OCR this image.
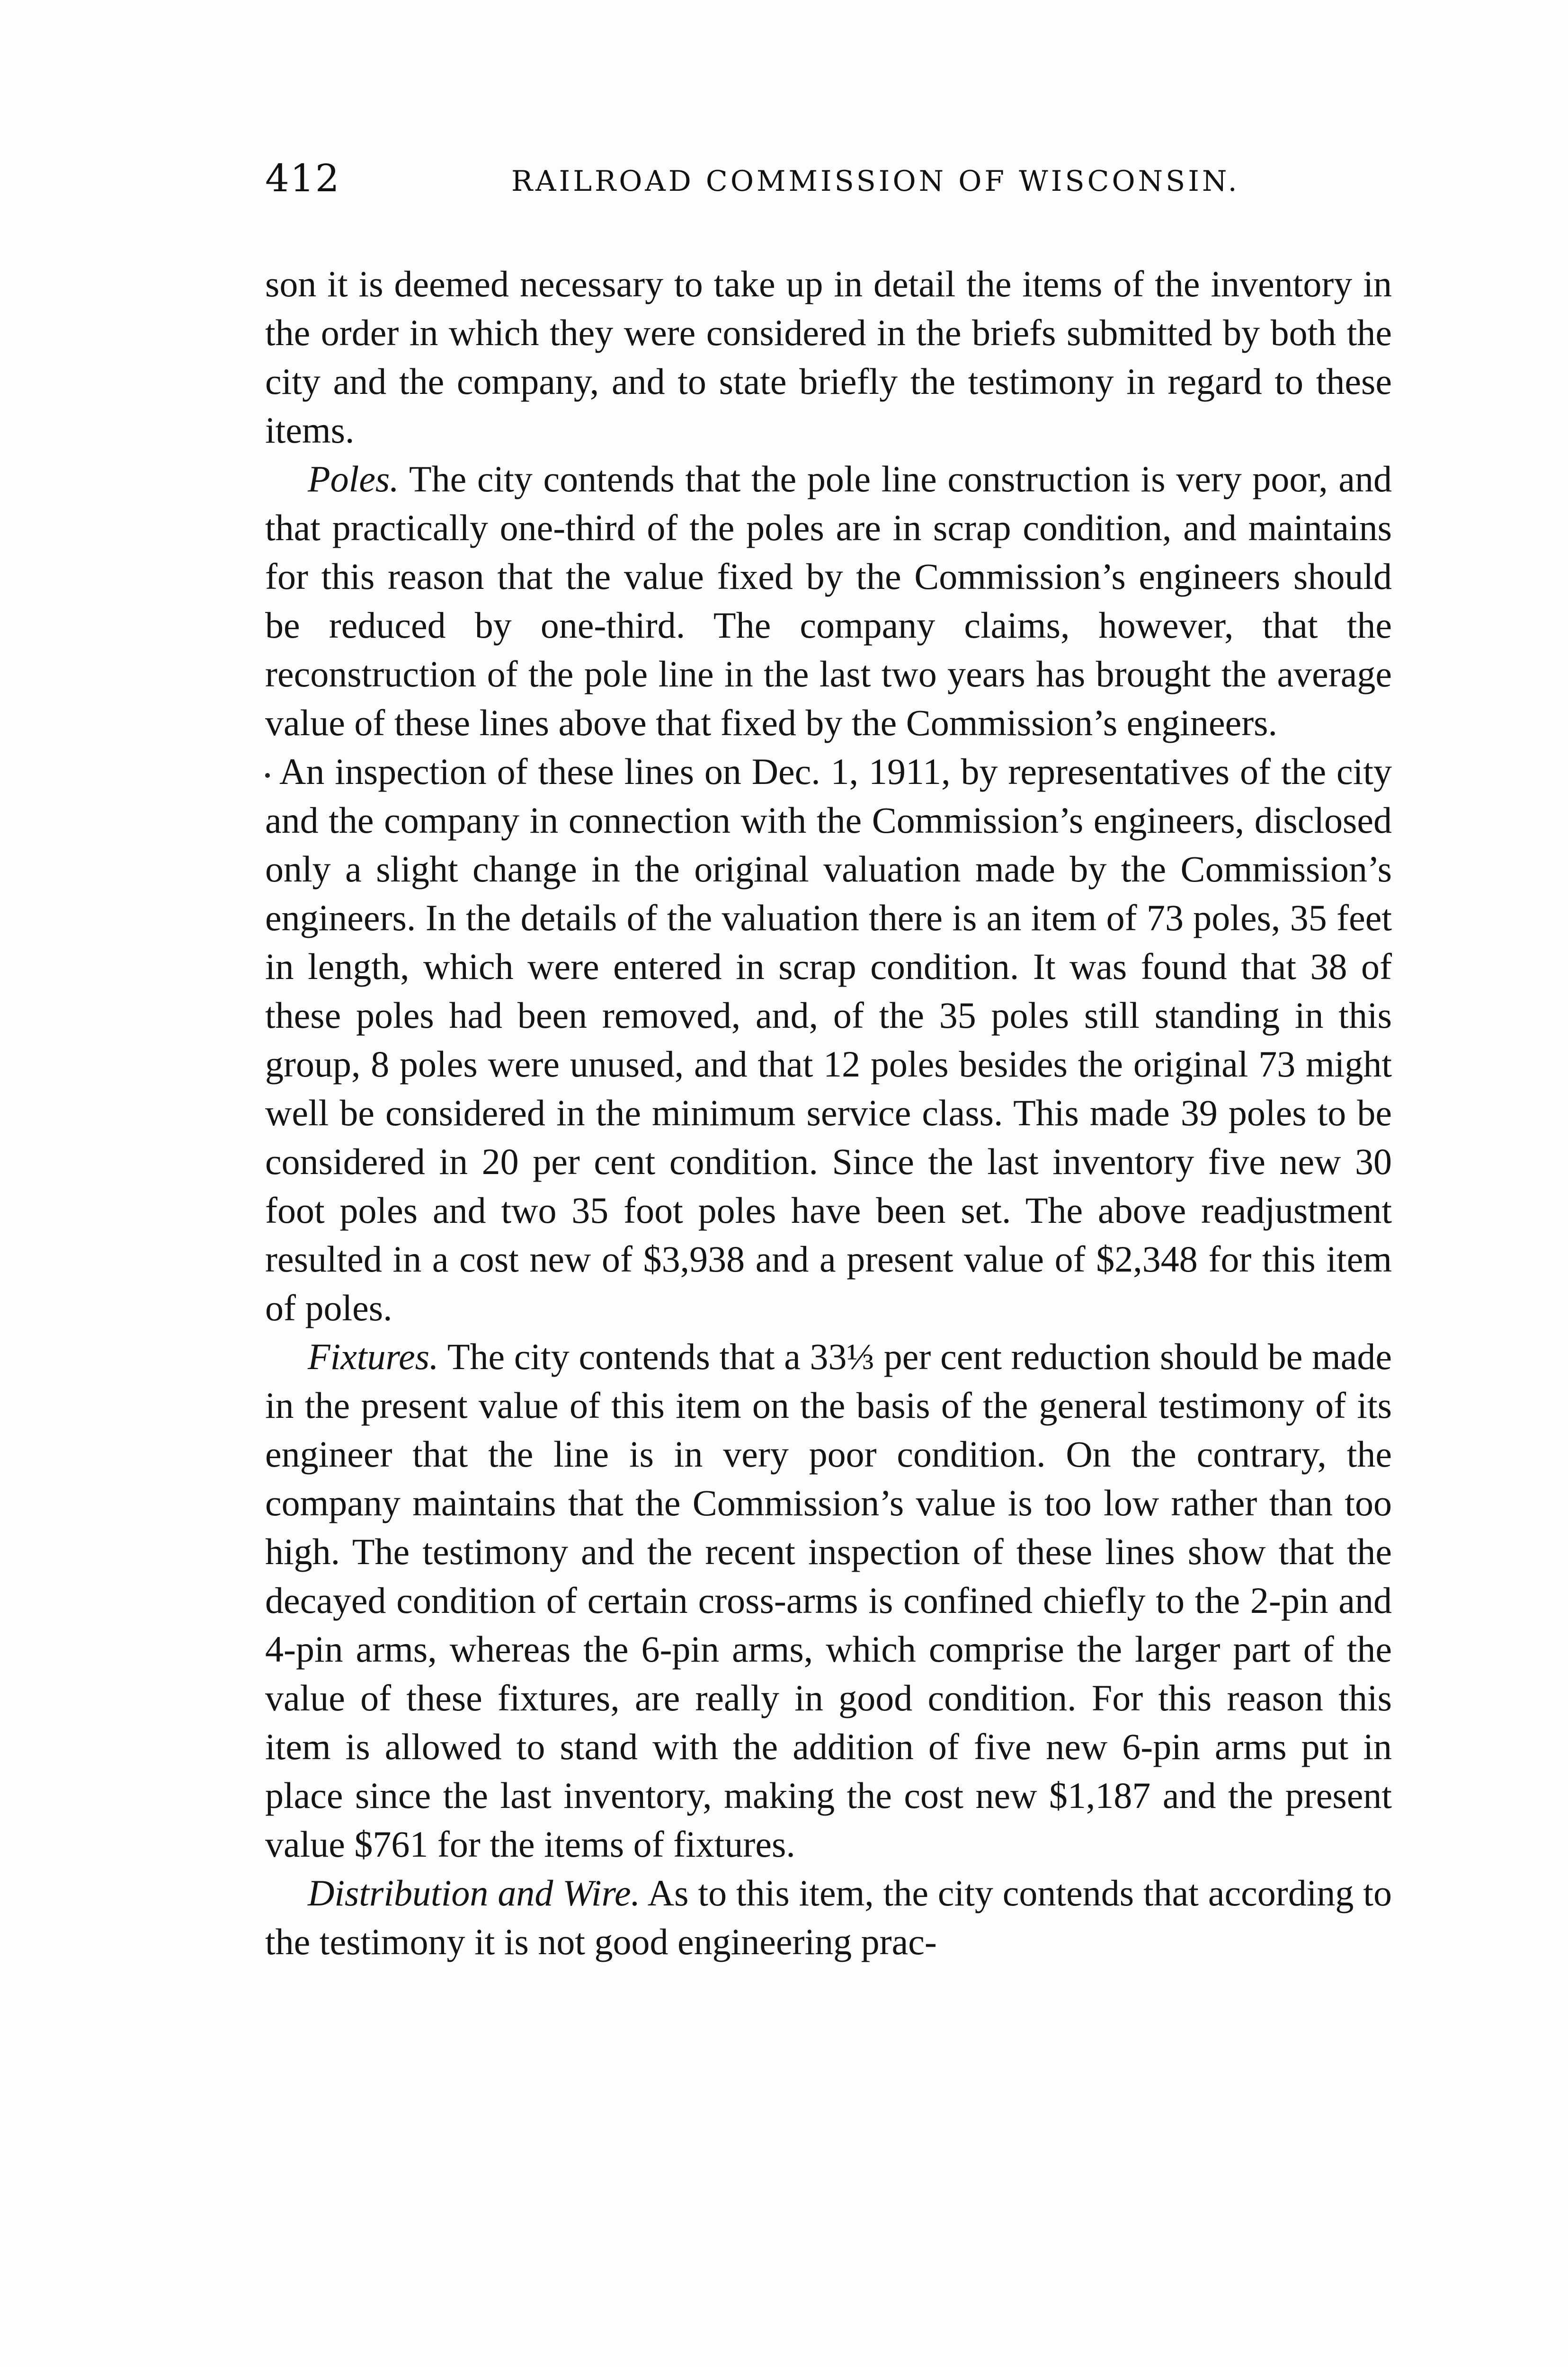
412	RAILROAD COMMISSION OF WISCONSIN.

son it is deemed necessary to take up in detail the items of the inventory in the order in which they were considered in the briefs submitted by both the city and the company, and to state briefly the testimony in regard to these items.

Poles. The city contends that the pole line construction is very poor, and that practically one-third of the poles are in scrap condition, and maintains for this reason that the value fixed by the Commission’s engineers should be reduced by one-third. The company claims, however, that the reconstruction of the pole line in the last two years has brought the average value of these lines above that fixed by the Commission’s engineers.

An inspection of these lines on Dec. 1, 1911, by representatives of the city and the company in connection with the Commission’s engineers, disclosed only a slight change in the original valuation made by the Commission’s engineers. In the details of the valuation there is an item of 73 poles, 35 feet in length, which were entered in scrap condition. It was found that 38 of these poles had been removed, and, of the 35 poles still standing in this group, 8 poles were unused, and that 12 poles besides the original 73 might well be considered in the minimum service class. This made 39 poles to be considered in 20 per cent condition. Since the last inventory five new 30 foot poles and two 35 foot poles have been set. The above readjustment resulted in a cost new of $3,938 and a present value of $2,348 for this item of poles.

Fixtures. The city contends that a 33⅓ per cent reduction should be made in the present value of this item on the basis of the general testimony of its engineer that the line is in very poor condition. On the contrary, the company maintains that the Commission’s value is too low rather than too high. The testimony and the recent inspection of these lines show that the decayed condition of certain cross-arms is confined chiefly to the 2-pin and 4-pin arms, whereas the 6-pin arms, which comprise the larger part of the value of these fixtures, are really in good condition. For this reason this item is allowed to stand with the addition of five new 6-pin arms put in place since the last inventory, making the cost new $1,187 and the present value $761 for the items of fixtures.

Distribution and Wire. As to this item, the city contends that according to the testimony it is not good engineering prac-
